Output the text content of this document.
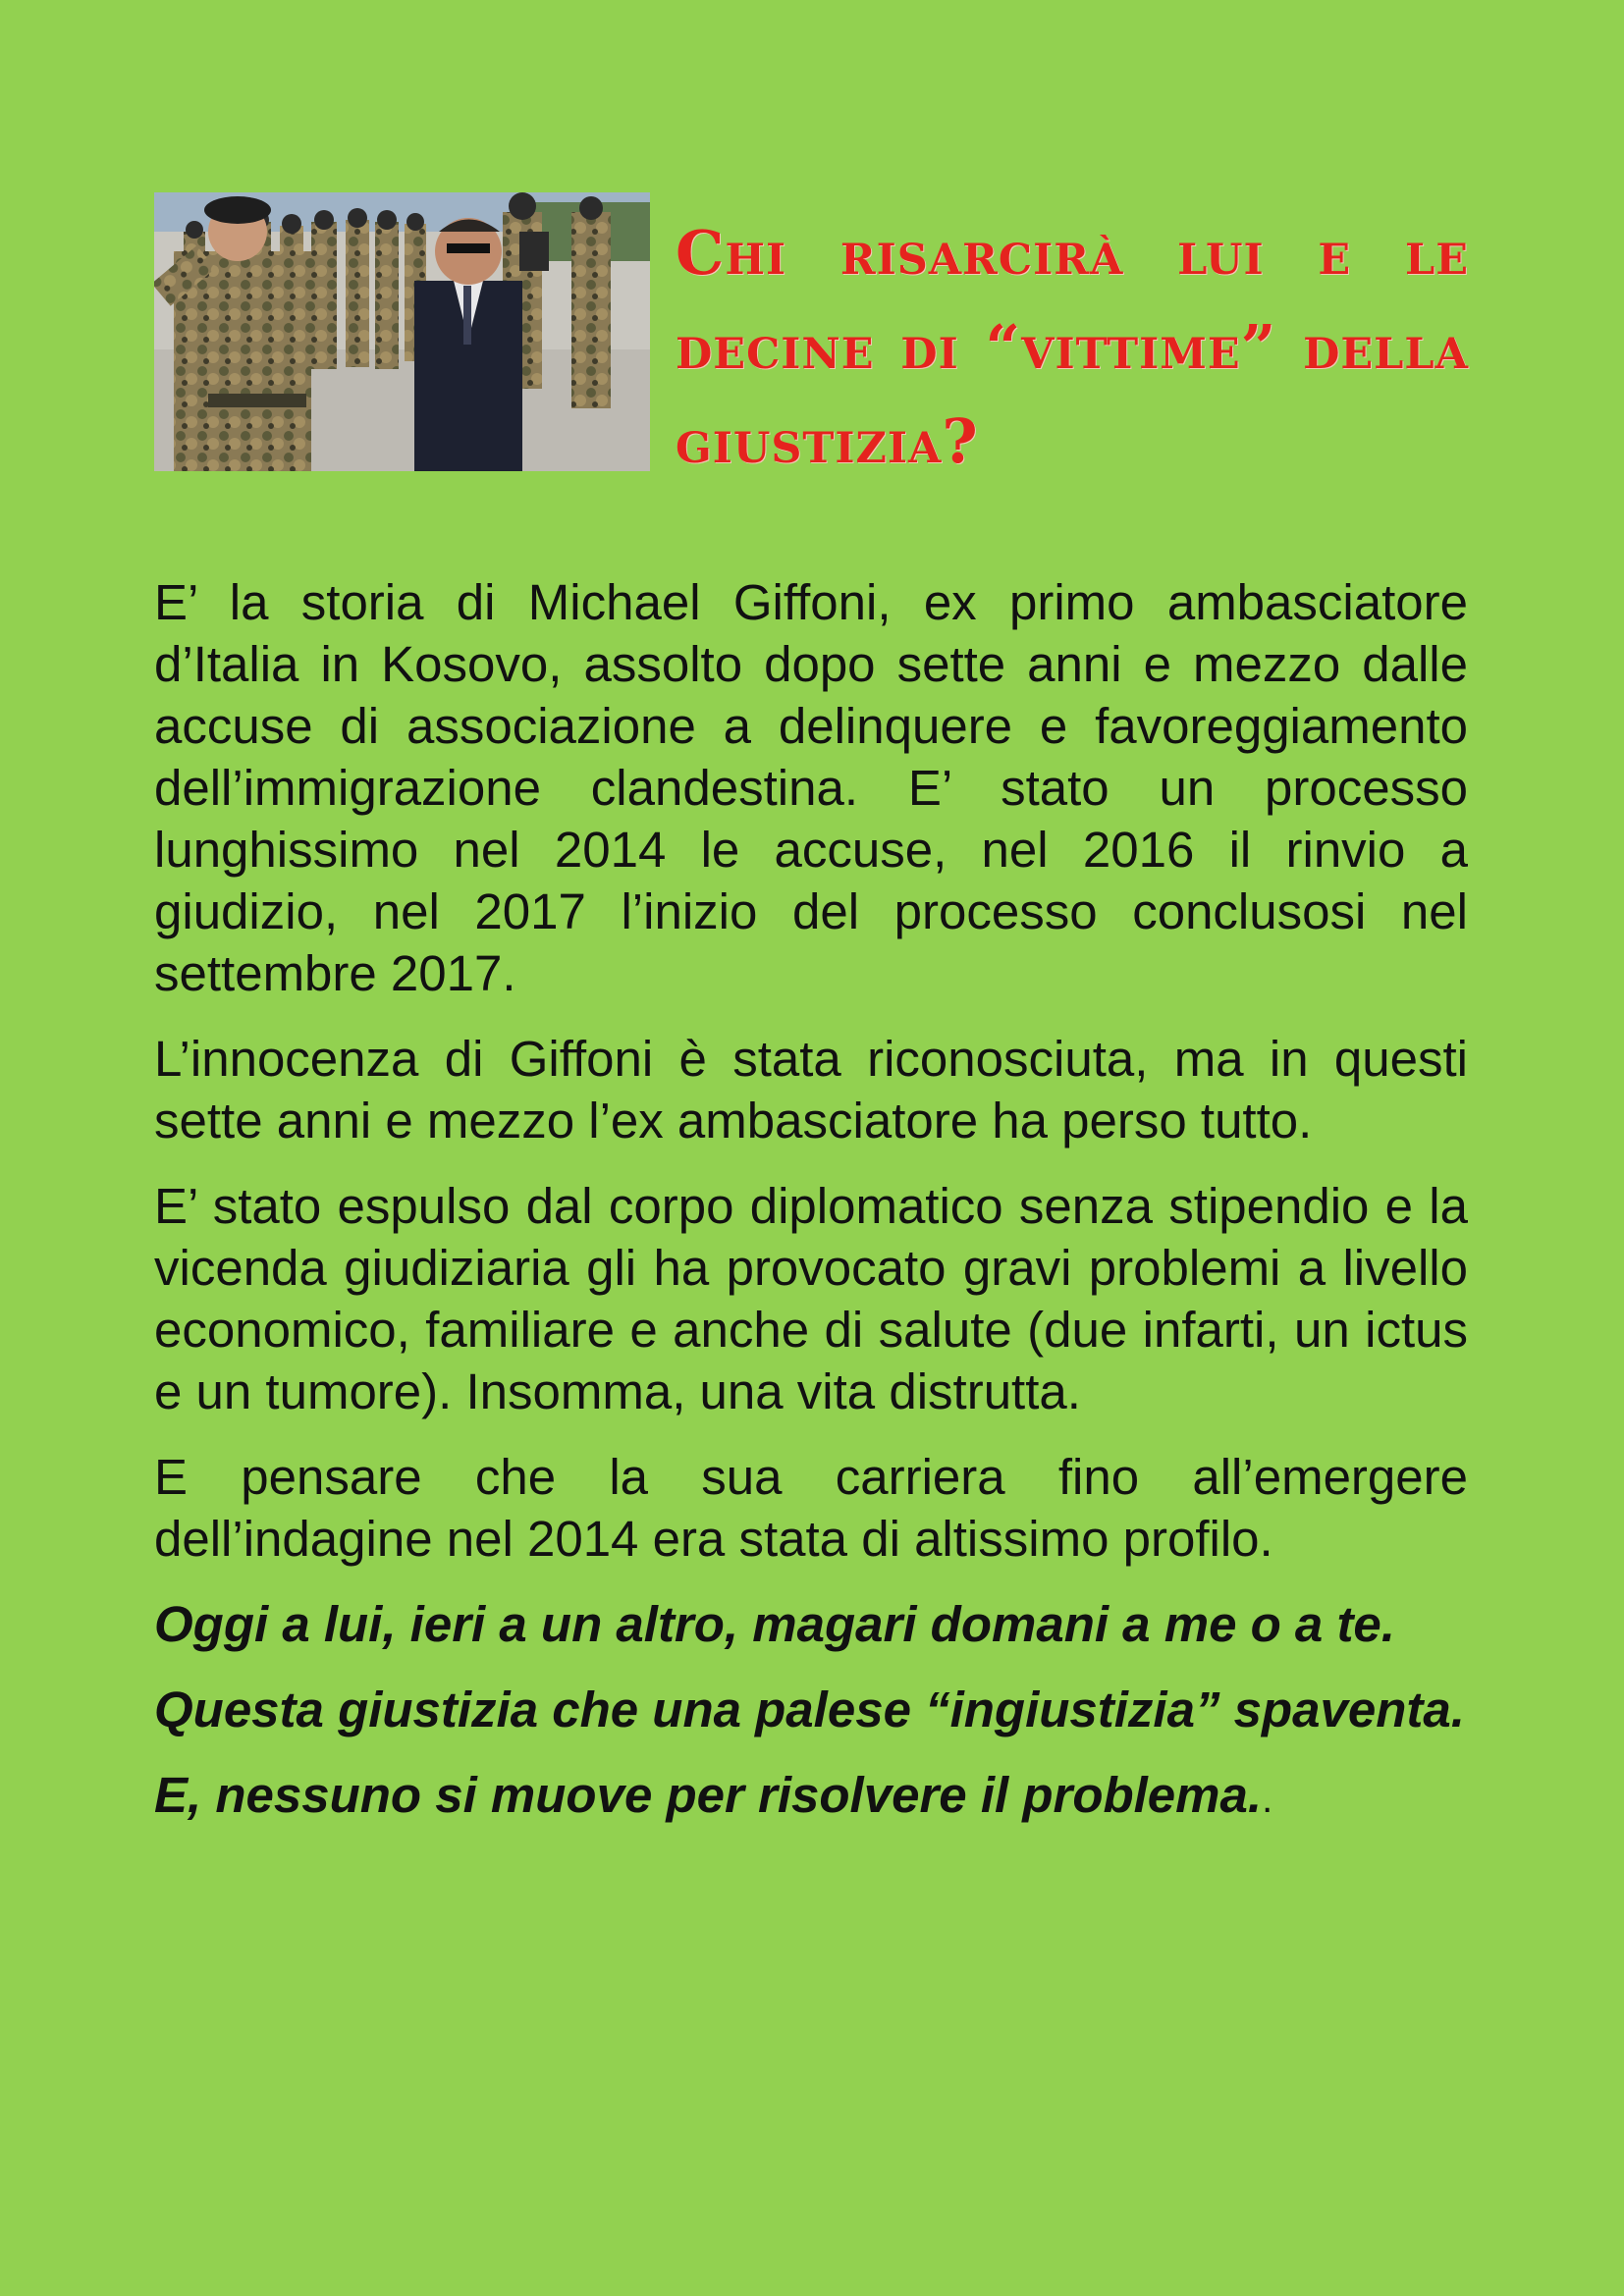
Chi risarcirà lui e le decine di “vittime” della giustizia?

E’ la storia di Michael Giffoni, ex primo ambasciatore d’Italia in Kosovo, assolto dopo sette anni e mezzo dalle accuse di associazione a delinquere e favoreggiamento dell’immigrazione clandestina. E’ stato un processo lunghissimo nel 2014 le accuse, nel 2016 il rinvio a giudizio, nel 2017 l’inizio del processo conclusosi nel settembre 2017.

L’innocenza di Giffoni è stata riconosciuta, ma in questi sette anni e mezzo l’ex ambasciatore ha perso tutto.

E’ stato espulso dal corpo diplomatico senza stipendio e la vicenda giudiziaria gli ha provocato gravi problemi a livello economico, familiare e anche di salute (due infarti, un ictus e un tumore). Insomma, una vita distrutta.

E pensare che la sua carriera fino all’emergere dell’indagine nel 2014 era stata di altissimo profilo.

Oggi a lui, ieri a un altro, magari domani a me o a te.

Questa giustizia che una palese “ingiustizia” spaventa.

E, nessuno si muove per risolvere il problema..
